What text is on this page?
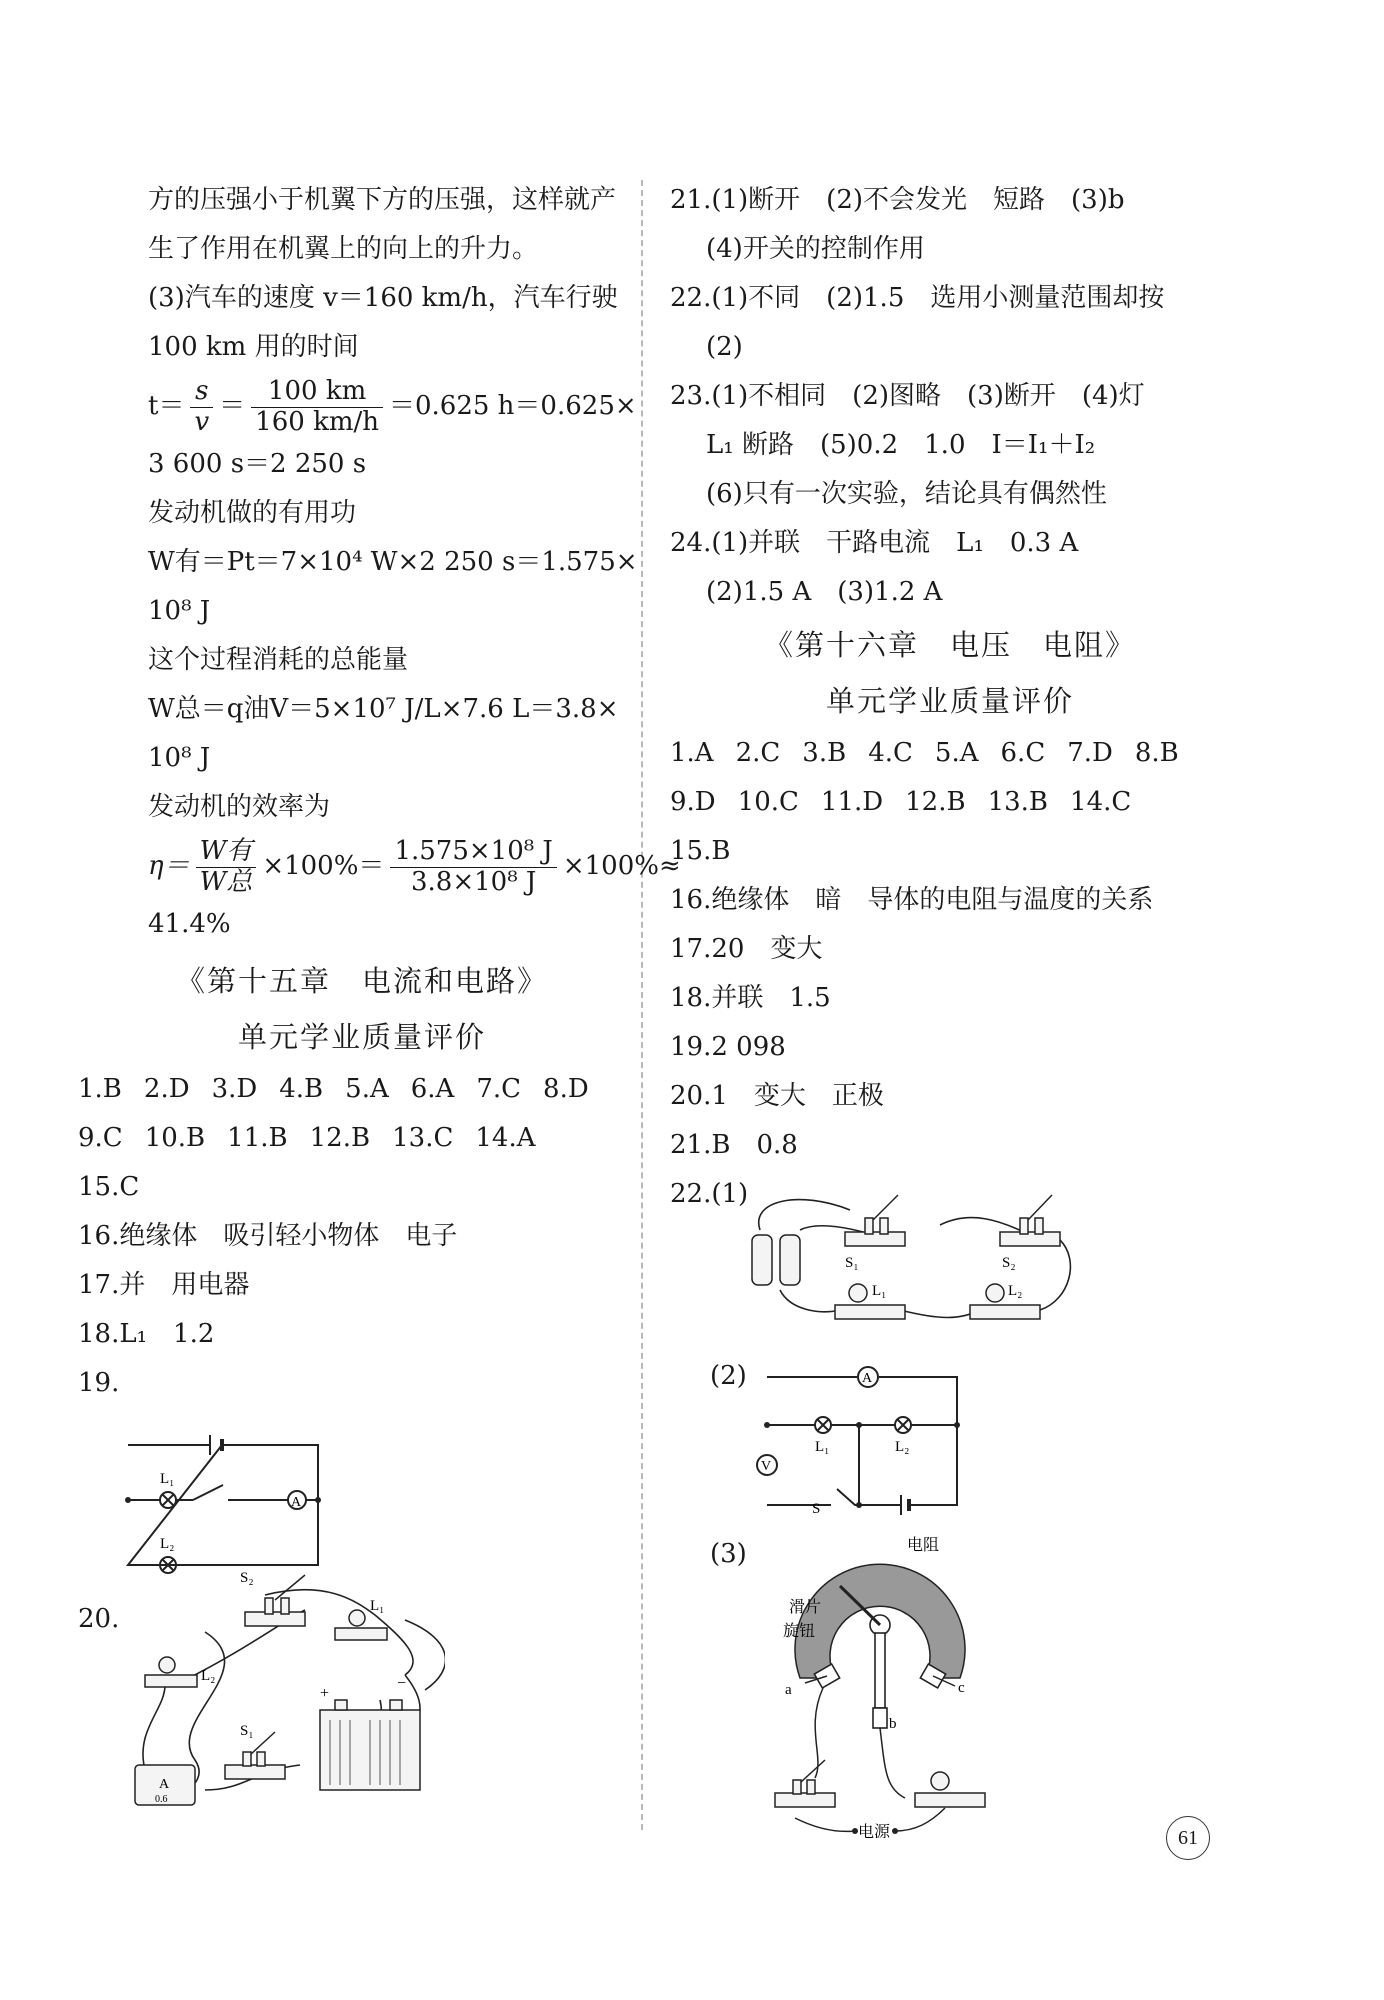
方的压强小于机翼下方的压强，这样就产
生了作用在机翼上的向上的升力。
(3)汽车的速度 v＝160 km/h，汽车行驶
100 km 用的时间
$t= \frac{s}{v} = \frac{100 km}{160 km/h} =0.625$ h＝0.625×
3 600 s＝2 250 s
发动机做的有用功
W有＝Pt＝7×10⁴ W×2 250 s＝1.575×
10⁸ J
这个过程消耗的总能量
W总＝q油V＝5×10⁷ J/L×7.6 L＝3.8×
10⁸ J
发动机的效率为
$\eta= \frac{\text{W有}}{\text{W总}} \times 100\%= \frac{\text{1.575×10⁸ J}}{\text{3.8×10⁸ J}} \times 100\%\approx$
41.4%
《第十五章　电流和电路》
单元学业质量评价
1.B 2.D 3.D 4.B 5.A 6.A 7.C 8.D
9.C 10.B 11.B 12.B 13.C 14.A
15.C
16.绝缘体　吸引轻小物体　电子
17.并　用电器
18.L₁　1.2
19.
L₁
L₂
A
20.
S₂
L₁
L₂
S₁
+
−
A
0.6
21.(1)断开　(2)不会发光　短路　(3)b
(4)开关的控制作用
22.(1)不同　(2)1.5　选用小测量范围却按
(2)
23.(1)不相同　(2)图略　(3)断开　(4)灯
L₁ 断路　(5)0.2　1.0　I＝I₁＋I₂
(6)只有一次实验，结论具有偶然性
24.(1)并联　干路电流　L₁　0.3 A
(2)1.5 A　(3)1.2 A
《第十六章　电压　电阻》
单元学业质量评价
1.A 2.C 3.B 4.C 5.A 6.C 7.D 8.B
9.D 10.C 11.D 12.B 13.B 14.C
15.B
16.绝缘体　暗　导体的电阻与温度的关系
17.20　变大
18.并联　1.5
19.2 098
20.1　变大　正极
21.B　0.8
22.(1)
S₁	S₂
L₁	L₂
(2)	A
V
L₁	L₂
S
(3)	电阻
滑片
旋钮
a
b
c
电源	61
